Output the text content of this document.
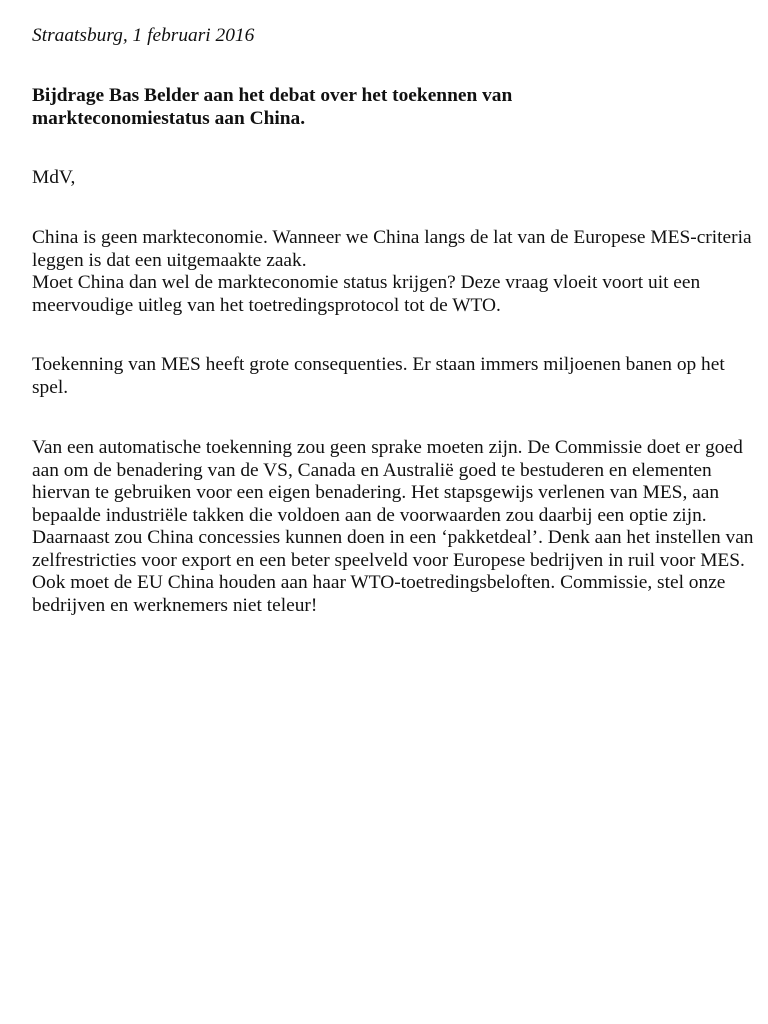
Straatsburg, 1 februari 2016

Bijdrage Bas Belder aan het debat over het toekennen van markteconomiestatus aan China.

MdV,

China is geen markteconomie. Wanneer we China langs de lat van de Europese MES-criteria leggen is dat een uitgemaakte zaak.
Moet China dan wel de markteconomie status krijgen? Deze vraag vloeit voort uit een meervoudige uitleg van het toetredingsprotocol tot de WTO.

Toekenning van MES heeft grote consequenties. Er staan immers miljoenen banen op het spel.

Van een automatische toekenning zou geen sprake moeten zijn. De Commissie doet er goed aan om de benadering van de VS, Canada en Australië goed te bestuderen en elementen hiervan te gebruiken voor een eigen benadering. Het stapsgewijs verlenen van MES, aan bepaalde industriële takken die voldoen aan de voorwaarden zou daarbij een optie zijn. Daarnaast zou China concessies kunnen doen in een ‘pakketdeal’. Denk aan het instellen van zelfrestricties voor export en een beter speelveld voor Europese bedrijven in ruil voor MES. Ook moet de EU China houden aan haar WTO-toetredingsbeloften. Commissie, stel onze bedrijven en werknemers niet teleur!
